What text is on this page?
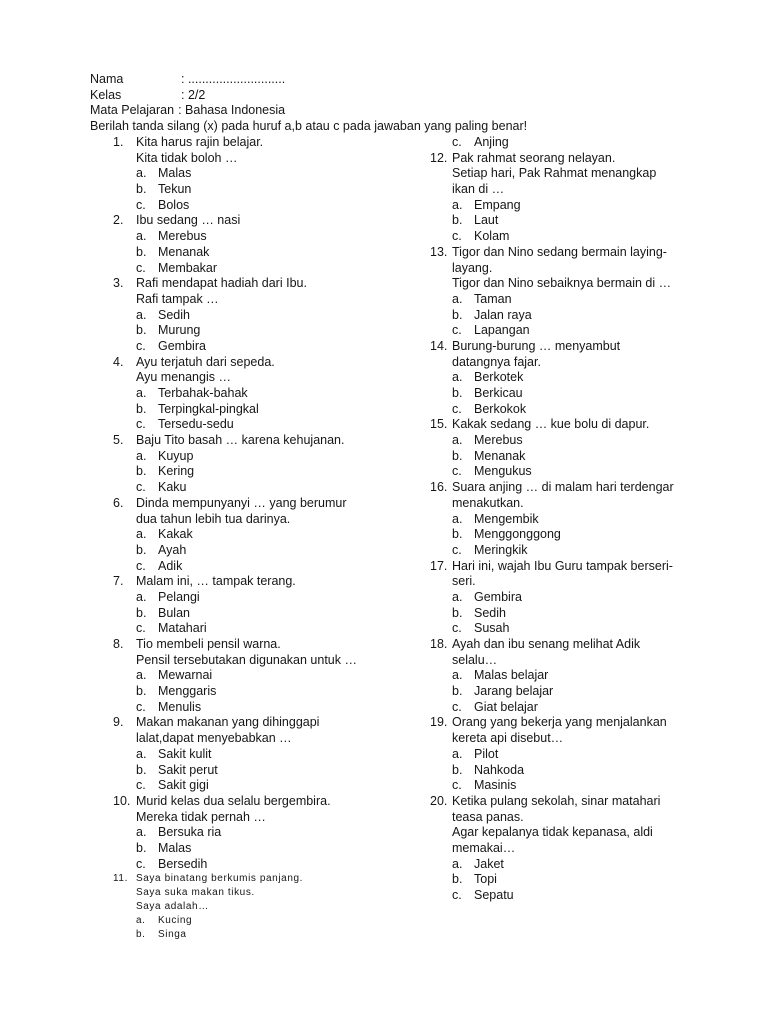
Nama	: ............................
Kelas	: 2/2
Mata Pelajaran : Bahasa Indonesia
Berilah tanda silang (x) pada huruf a,b atau c pada jawaban yang paling benar!
1. Kita harus rajin belajar.
Kita tidak boloh …
a. Malas
b. Tekun
c. Bolos
2. Ibu sedang … nasi
a. Merebus
b. Menanak
c. Membakar
3. Rafi mendapat hadiah dari Ibu.
Rafi tampak …
a. Sedih
b. Murung
c. Gembira
4. Ayu terjatuh dari sepeda.
Ayu menangis …
a. Terbahak-bahak
b. Terpingkal-pingkal
c. Tersedu-sedu
5. Baju Tito basah … karena kehujanan.
a. Kuyup
b. Kering
c. Kaku
6. Dinda mempunyanyi … yang berumur
dua tahun lebih tua darinya.
a. Kakak
b. Ayah
c. Adik
7. Malam ini, … tampak terang.
a. Pelangi
b. Bulan
c. Matahari
8. Tio membeli pensil warna.
Pensil tersebutakan digunakan untuk …
a. Mewarnai
b. Menggaris
c. Menulis
9. Makan makanan yang dihinggapi
lalat,dapat menyebabkan …
a. Sakit kulit
b. Sakit perut
c. Sakit gigi
10. Murid kelas dua selalu bergembira.
Mereka tidak pernah …
a. Bersuka ria
b. Malas
c. Bersedih
11. Saya binatang berkumis panjang.
Saya suka makan tikus.
Saya adalah…
a. Kucing
b. Singa
c. Anjing
12. Pak rahmat seorang nelayan.
Setiap hari, Pak Rahmat menangkap
ikan di …
a. Empang
b. Laut
c. Kolam
13. Tigor dan Nino sedang bermain laying-
layang.
Tigor dan Nino sebaiknya bermain di …
a. Taman
b. Jalan raya
c. Lapangan
14. Burung-burung … menyambut
datangnya fajar.
a. Berkotek
b. Berkicau
c. Berkokok
15. Kakak sedang … kue bolu di dapur.
a. Merebus
b. Menanak
c. Mengukus
16. Suara anjing … di malam hari terdengar
menakutkan.
a. Mengembik
b. Menggonggong
c. Meringkik
17. Hari ini, wajah Ibu Guru tampak berseri-
seri.
a. Gembira
b. Sedih
c. Susah
18. Ayah dan ibu senang melihat Adik
selalu…
a. Malas belajar
b. Jarang belajar
c. Giat belajar
19. Orang yang bekerja yang menjalankan
kereta api disebut…
a. Pilot
b. Nahkoda
c. Masinis
20. Ketika pulang sekolah, sinar matahari
teasa panas.
Agar kepalanya tidak kepanasa, aldi
memakai…
a. Jaket
b. Topi
c. Sepatu
